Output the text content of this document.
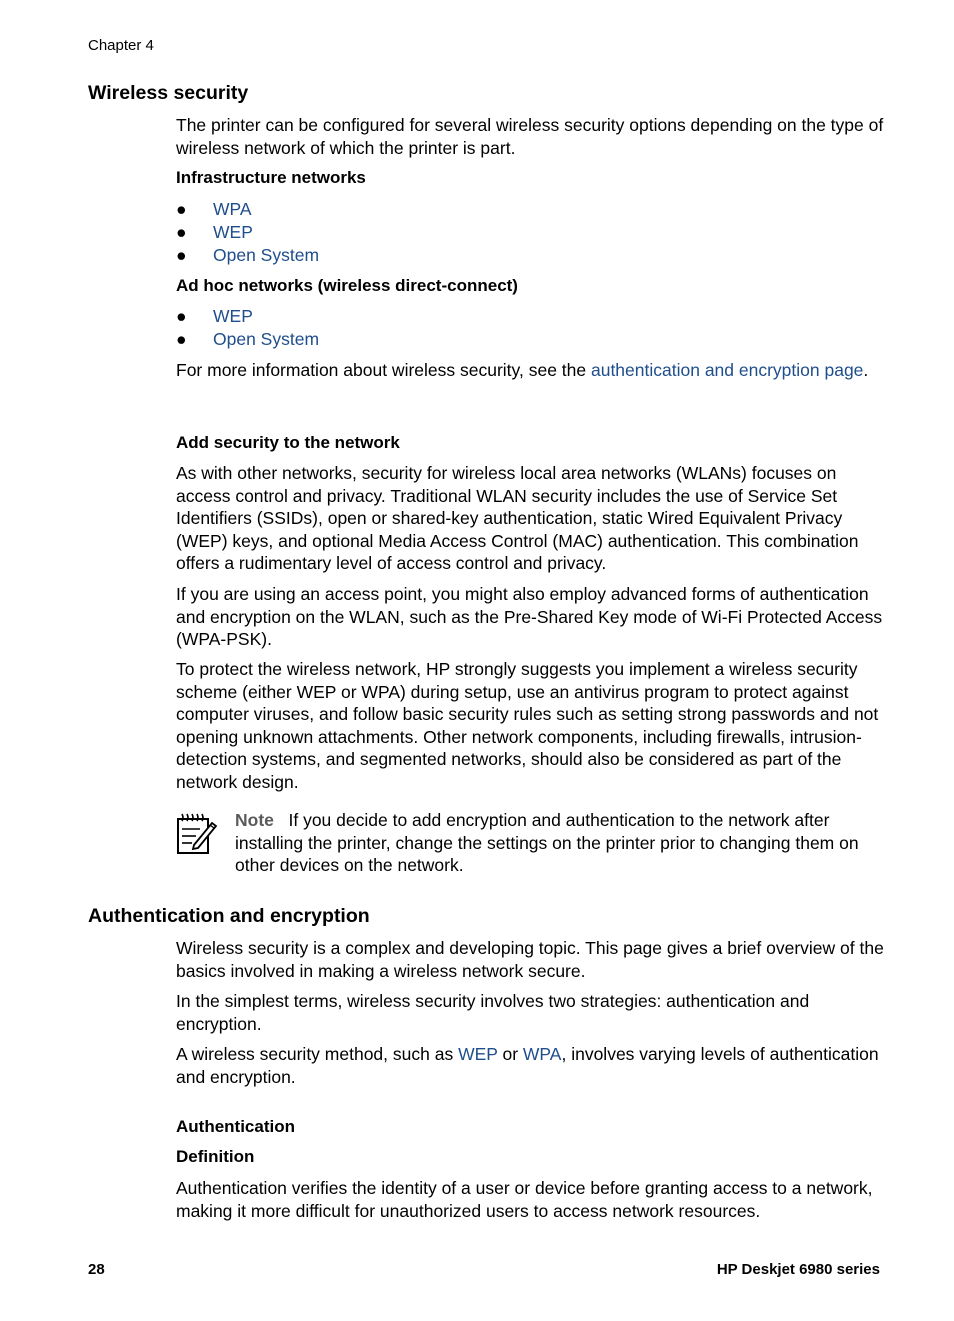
Chapter 4
Wireless security
The printer can be configured for several wireless security options depending on the type of wireless network of which the printer is part.
Infrastructure networks
●	WPA
●	WEP
●	Open System
Ad hoc networks (wireless direct-connect)
●	WEP
●	Open System
For more information about wireless security, see the authentication and encryption page.
Add security to the network
As with other networks, security for wireless local area networks (WLANs) focuses on access control and privacy. Traditional WLAN security includes the use of Service Set Identifiers (SSIDs), open or shared-key authentication, static Wired Equivalent Privacy (WEP) keys, and optional Media Access Control (MAC) authentication. This combination offers a rudimentary level of access control and privacy.
If you are using an access point, you might also employ advanced forms of authentication and encryption on the WLAN, such as the Pre-Shared Key mode of Wi-Fi Protected Access (WPA-PSK).
To protect the wireless network, HP strongly suggests you implement a wireless security scheme (either WEP or WPA) during setup, use an antivirus program to protect against computer viruses, and follow basic security rules such as setting strong passwords and not opening unknown attachments. Other network components, including firewalls, intrusion-detection systems, and segmented networks, should also be considered as part of the network design.
Note If you decide to add encryption and authentication to the network after installing the printer, change the settings on the printer prior to changing them on other devices on the network.
Authentication and encryption
Wireless security is a complex and developing topic. This page gives a brief overview of the basics involved in making a wireless network secure.
In the simplest terms, wireless security involves two strategies: authentication and encryption.
A wireless security method, such as WEP or WPA, involves varying levels of authentication and encryption.
Authentication
Definition
Authentication verifies the identity of a user or device before granting access to a network, making it more difficult for unauthorized users to access network resources.
28	HP Deskjet 6980 series
